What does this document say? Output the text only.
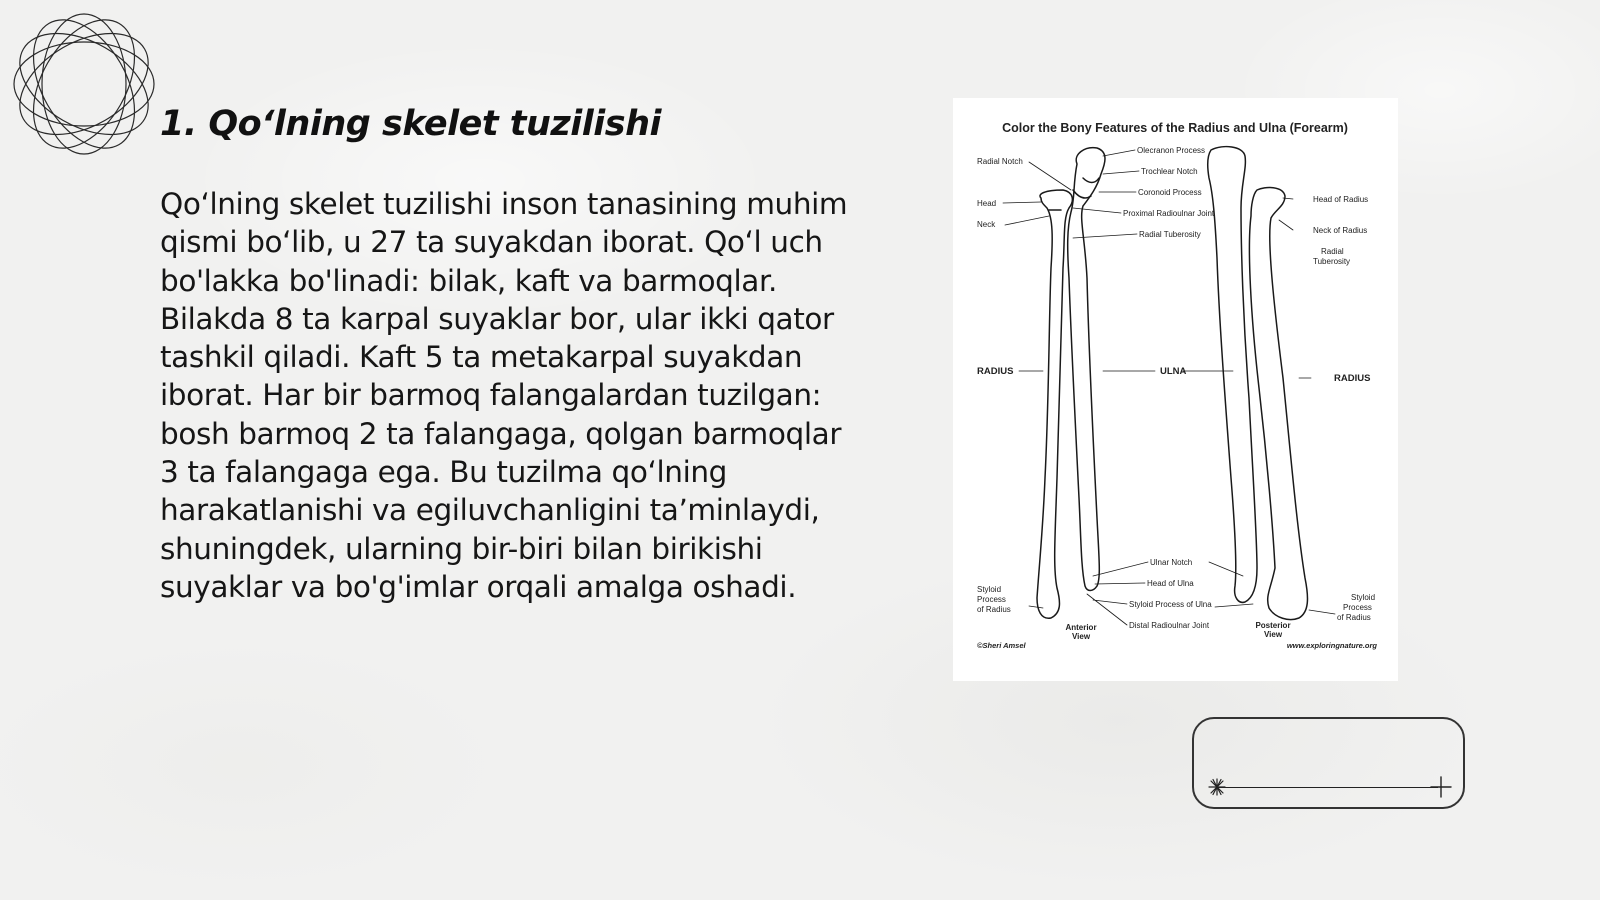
1. Qo‘lning skelet tuzilishi

Qo‘lning skelet tuzilishi inson tanasining muhim qismi bo‘lib, u 27 ta suyakdan iborat. Qo‘l uch bo'lakka bo'linadi: bilak, kaft va barmoqlar. Bilakda 8 ta karpal suyaklar bor, ular ikki qator tashkil qiladi. Kaft 5 ta metakarpal suyakdan iborat. Har bir barmoq falangalardan tuzilgan: bosh barmoq 2 ta falangaga, qolgan barmoqlar 3 ta falangaga ega. Bu tuzilma qo‘lning harakatlanishi va egiluvchanligini ta’minlaydi, shuningdek, ularning bir-biri bilan birikishi suyaklar va bo'g'imlar orqali amalga oshadi.

Color the Bony Features of the Radius and Ulna (Forearm)
Radial Notch
Head
Neck
RADIUS
Styloid
Process
of Radius
©Sheri Amsel
Olecranon Process
Trochlear Notch
Coronoid Process
Proximal Radioulnar Joint
Radial Tuberosity
ULNA
Ulnar Notch
Head of Ulna
Styloid Process of Ulna
Distal Radioulnar Joint
Anterior
View
Posterior
View
Head of Radius
Neck of Radius
Radial
Tuberosity
RADIUS
Styloid
Process
of Radius
www.exploringnature.org
